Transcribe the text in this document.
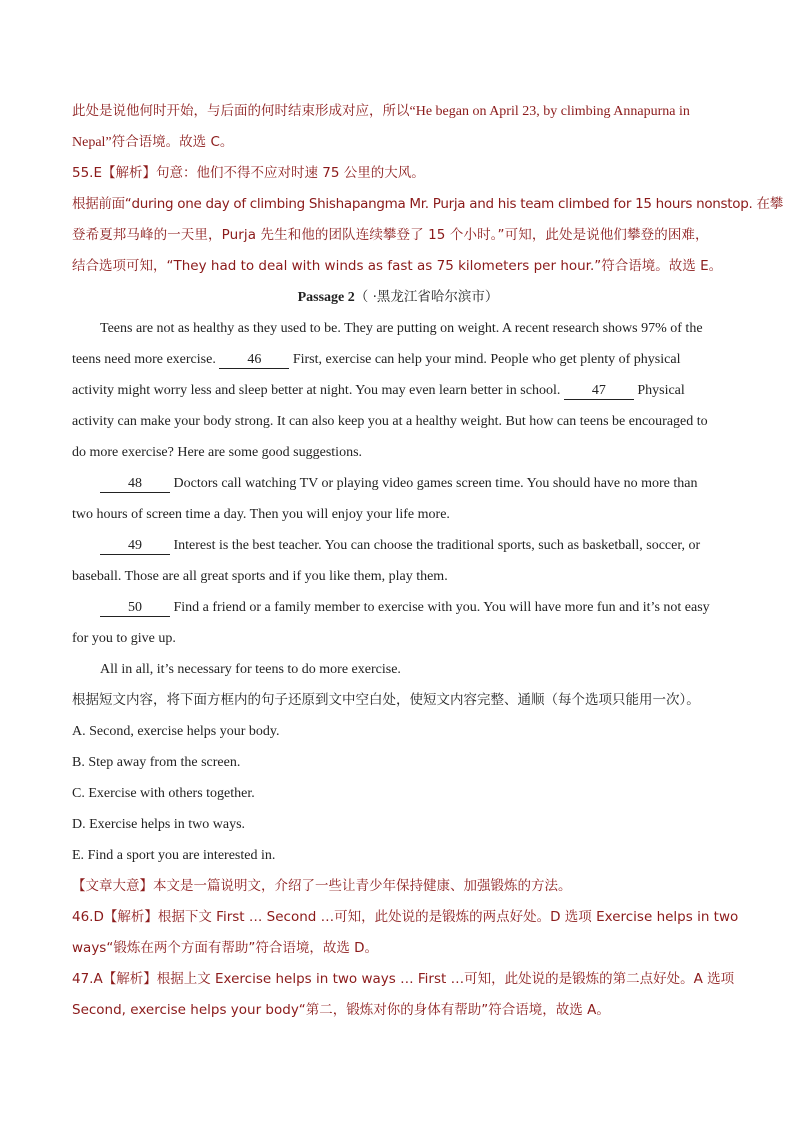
此处是说他何时开始，与后面的何时结束形成对应，所以“He began on April 23, by climbing Annapurna in
Nepal”符合语境。故选 C。
55.E【解析】句意：他们不得不应对时速 75 公里的大风。
根据前面“during one day of climbing Shishapangma Mr. Purja and his team climbed for 15 hours nonstop. 在攀
登希夏邦马峰的一天里，Purja 先生和他的团队连续攀登了 15 个小时。”可知，此处是说他们攀登的困难，
结合选项可知，“They had to deal with winds as fast as 75 kilometers per hour.”符合语境。故选 E。
Passage 2（ ·黑龙江省哈尔滨市）
Teens are not as healthy as they used to be. They are putting on weight. A recent research shows 97% of the
teens need more exercise. 46 First, exercise can help your mind. People who get plenty of physical
activity might worry less and sleep better at night. You may even learn better in school. 47 Physical
activity can make your body strong. It can also keep you at a healthy weight. But how can teens be encouraged to
do more exercise? Here are some good suggestions.
48 Doctors call watching TV or playing video games screen time. You should have no more than
two hours of screen time a day. Then you will enjoy your life more.
49 Interest is the best teacher. You can choose the traditional sports, such as basketball, soccer, or
baseball. Those are all great sports and if you like them, play them.
50 Find a friend or a family member to exercise with you. You will have more fun and it’s not easy
for you to give up.
All in all, it’s necessary for teens to do more exercise.
根据短文内容，将下面方框内的句子还原到文中空白处，使短文内容完整、通顺（每个选项只能用一次）。
A. Second, exercise helps your body.
B. Step away from the screen.
C. Exercise with others together.
D. Exercise helps in two ways.
E. Find a sport you are interested in.
【文章大意】本文是一篇说明文，介绍了一些让青少年保持健康、加强锻炼的方法。
46.D【解析】根据下文 First … Second …可知，此处说的是锻炼的两点好处。D 选项 Exercise helps in two
ways“锻炼在两个方面有帮助”符合语境，故选 D。
47.A【解析】根据上文 Exercise helps in two ways … First …可知，此处说的是锻炼的第二点好处。A 选项
Second, exercise helps your body“第二，锻炼对你的身体有帮助”符合语境，故选 A。
